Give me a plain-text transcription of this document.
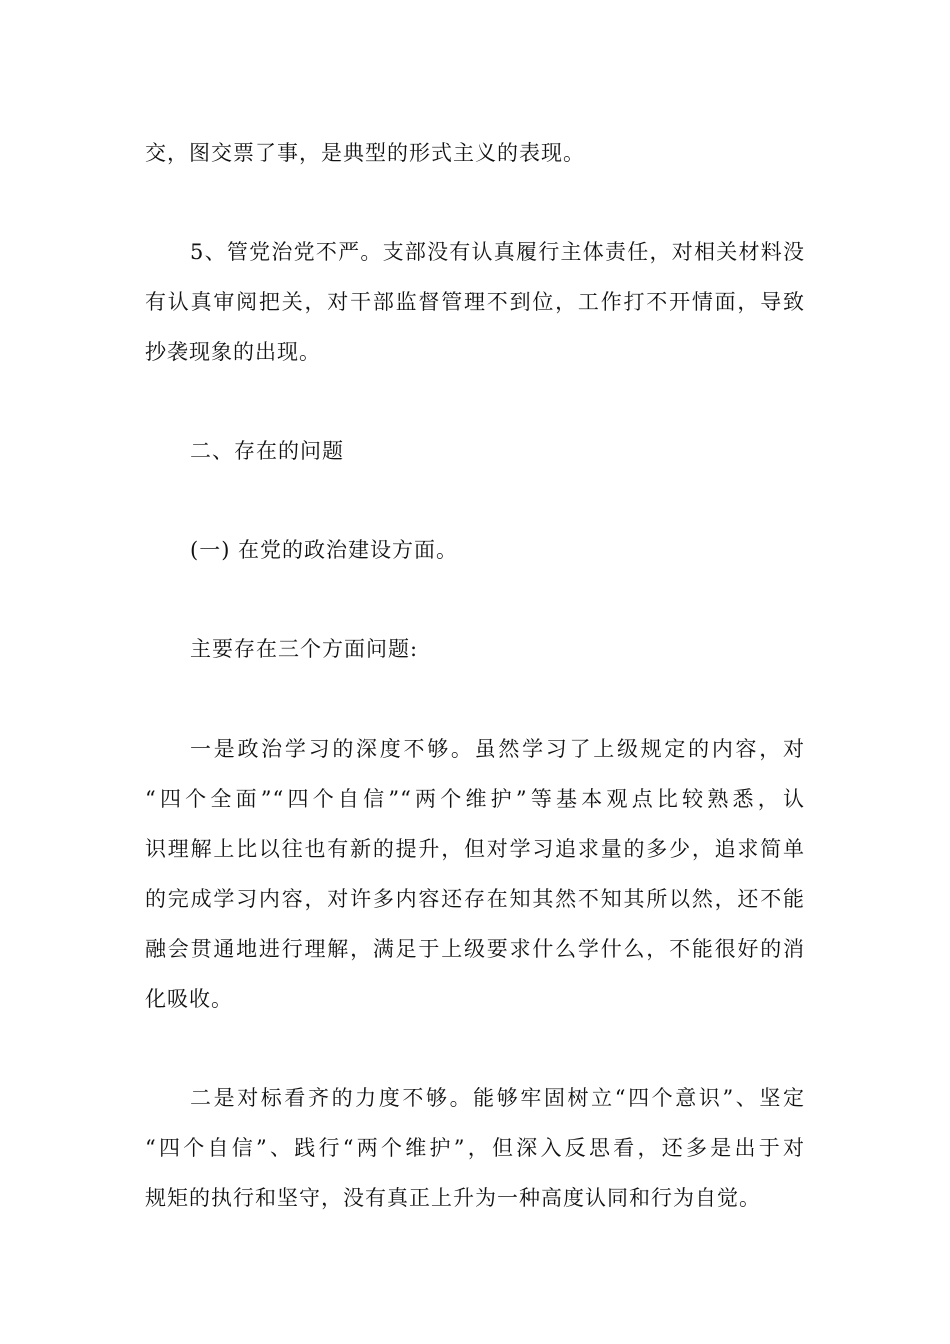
交，图交票了事，是典型的形式主义的表现。
5、管党治党不严。支部没有认真履行主体责任，对相关材料没
有认真审阅把关，对干部监督管理不到位，工作打不开情面，导致
抄袭现象的出现。
二、存在的问题
(一) 在党的政治建设方面。
主要存在三个方面问题:
一是政治学习的深度不够。虽然学习了上级规定的内容，对
“四个全面”“四个自信”“两个维护”等基本观点比较熟悉，认
识理解上比以往也有新的提升，但对学习追求量的多少，追求简单
的完成学习内容，对许多内容还存在知其然不知其所以然，还不能
融会贯通地进行理解，满足于上级要求什么学什么，不能很好的消
化吸收。
二是对标看齐的力度不够。能够牢固树立“四个意识”、坚定
“四个自信”、践行“两个维护”，但深入反思看，还多是出于对
规矩的执行和坚守，没有真正上升为一种高度认同和行为自觉。
